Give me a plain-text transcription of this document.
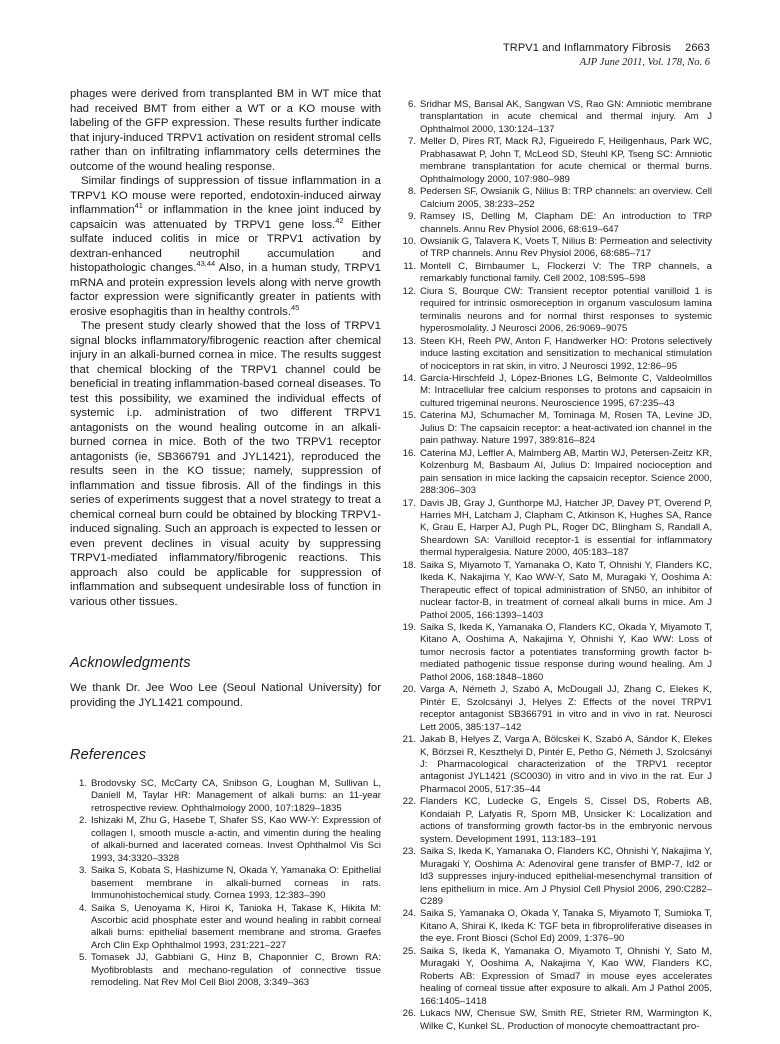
TRPV1 and Inflammatory Fibrosis 2663
AJP June 2011, Vol. 178, No. 6

phages were derived from transplanted BM in WT mice that had received BMT from either a WT or a KO mouse with labeling of the GFP expression. These results further indicate that injury-induced TRPV1 activation on resident stromal cells rather than on infiltrating inflammatory cells determines the outcome of the wound healing response.

Similar findings of suppression of tissue inflammation in a TRPV1 KO mouse were reported, endotoxin-induced airway inflammation$^{41}$ or inflammation in the knee joint induced by capsaicin was attenuated by TRPV1 gene loss.$^{42}$ Either sulfate induced colitis in mice or TRPV1 activation by dextran-enhanced neutrophil accumulation and histopathologic changes.$^{43,44}$ Also, in a human study, TRPV1 mRNA and protein expression levels along with nerve growth factor expression were significantly greater in patients with erosive esophagitis than in healthy controls.$^{45}$

The present study clearly showed that the loss of TRPV1 signal blocks inflammatory/fibrogenic reaction after chemical injury in an alkali-burned cornea in mice. The results suggest that chemical blocking of the TRPV1 channel could be beneficial in treating inflammation-based corneal diseases. To test this possibility, we examined the individual effects of systemic i.p. administration of two different TRPV1 antagonists on the wound healing outcome in an alkali-burned cornea in mice. Both of the two TRPV1 receptor antagonists (ie, SB366791 and JYL1421), reproduced the results seen in the KO tissue; namely, suppression of inflammation and tissue fibrosis. All of the findings in this series of experiments suggest that a novel strategy to treat a chemical corneal burn could be obtained by blocking TRPV1-induced signaling. Such an approach is expected to lessen or even prevent declines in visual acuity by suppressing TRPV1-mediated inflammatory/fibrogenic reactions. This approach also could be applicable for suppression of inflammation and subsequent undesirable loss of function in various other tissues.

Acknowledgments

We thank Dr. Jee Woo Lee (Seoul National University) for providing the JYL1421 compound.

References
1. Brodovsky SC, McCarty CA, Snibson G, Loughan M, Sullivan L, Daniell M, Taylar HR: Management of alkali burns: an 11-year retrospective review. Ophthalmology 2000, 107:1829–1835
2. Ishizaki M, Zhu G, Hasebe T, Shafer SS, Kao WW-Y: Expression of collagen I, smooth muscle a-actin, and vimentin during the healing of alkali-burned and lacerated corneas. Invest Ophthalmol Vis Sci 1993, 34:3320–3328
3. Saika S, Kobata S, Hashizume N, Okada Y, Yamanaka O: Epithelial basement membrane in alkali-burned corneas in rats. Immunohistochemical study. Cornea 1993, 12:383–390
4. Saika S, Uenoyama K, Hiroi K, Tanioka H, Takase K, Hikita M: Ascorbic acid phosphate ester and wound healing in rabbit corneal alkali burns: epithelial basement membrane and stroma. Graefes Arch Clin Exp Ophthalmol 1993, 231:221–227
5. Tomasek JJ, Gabbiani G, Hinz B, Chaponnier C, Brown RA: Myofibroblasts and mechano-regulation of connective tissue remodeling. Nat Rev Mol Cell Biol 2008, 3:349–363
6. Sridhar MS, Bansal AK, Sangwan VS, Rao GN: Amniotic membrane transplantation in acute chemical and thermal injury. Am J Ophthalmol 2000, 130:124–137
7. Meller D, Pires RT, Mack RJ, Figueiredo F, Heiligenhaus, Park WC, Prabhasawat P, John T, McLeod SD, Steuhl KP, Tseng SC: Amniotic membrane transplantation for acute chemical or thermal burns. Ophthalmology 2000, 107:980–989
8. Pedersen SF, Owsianik G, Nilius B: TRP channels: an overview. Cell Calcium 2005, 38:233–252
9. Ramsey IS, Delling M, Clapham DE: An introduction to TRP channels. Annu Rev Physiol 2006, 68:619–647
10. Owsianik G, Talavera K, Voets T, Nilius B: Permeation and selectivity of TRP channels. Annu Rev Physiol 2006, 68:685–717
11. Montell C, Birnbaumer L, Flockerzi V: The TRP channels, a remarkably functional family. Cell 2002, 108:595–598
12. Ciura S, Bourque CW: Transient receptor potential vanilloid 1 is required for intrinsic osmoreception in organum vasculosum lamina terminalis neurons and for normal thirst responses to systemic hyperosmolality. J Neurosci 2006, 26:9069–9075
13. Steen KH, Reeh PW, Anton F, Handwerker HO: Protons selectively induce lasting excitation and sensitization to mechanical stimulation of nociceptors in rat skin, in vitro. J Neurosci 1992, 12:86–95
14. García-Hirschfeld J, López-Briones LG, Belmonte C, Valdeolmillos M: Intracellular free calcium responses to protons and capsaicin in cultured trigeminal neurons. Neuroscience 1995, 67:235–43
15. Caterina MJ, Schumacher M, Tominaga M, Rosen TA, Levine JD, Julius D: The capsaicin receptor: a heat-activated ion channel in the pain pathway. Nature 1997, 389:816–824
16. Caterina MJ, Leffler A, Malmberg AB, Martin WJ, Petersen-Zeitz KR, Kolzenburg M, Basbaum AI, Julius D: Impaired nocioception and pain sensation in mice lacking the capsaicin receptor. Science 2000, 288:306–303
17. Davis JB, Gray J, Gunthorpe MJ, Hatcher JP, Davey PT, Overend P, Harries MH, Latcham J, Clapham C, Atkinson K, Hughes SA, Rance K, Grau E, Harper AJ, Pugh PL, Roger DC, Blingham S, Randall A, Sheardown SA: Vanilloid receptor-1 is essential for inflammatory thermal hyperalgesia. Nature 2000, 405:183–187
18. Saika S, Miyamoto T, Yamanaka O, Kato T, Ohnishi Y, Flanders KC, Ikeda K, Nakajima Y, Kao WW-Y, Sato M, Muragaki Y, Ooshima A: Therapeutic effect of topical administration of SN50, an inhibitor of nuclear factor-B, in treatment of corneal alkali burns in mice. Am J Pathol 2005, 166:1393–1403
19. Saika S, Ikeda K, Yamanaka O, Flanders KC, Okada Y, Miyamoto T, Kitano A, Ooshima A, Nakajima Y, Ohnishi Y, Kao WW: Loss of tumor necrosis factor a potentiates transforming growth factor b-mediated pathogenic tissue response during wound healing. Am J Pathol 2006, 168:1848–1860
20. Varga A, Németh J, Szabó A, McDougall JJ, Zhang C, Elekes K, Pintér E, Szolcsányi J, Helyes Z: Effects of the novel TRPV1 receptor antagonist SB366791 in vitro and in vivo in rat. Neurosci Lett 2005, 385:137–142
21. Jakab B, Helyes Z, Varga A, Bölcskei K, Szabó A, Sándor K, Elekes K, Börzsei R, Keszthelyi D, Pintér E, Petho G, Németh J, Szolcsányi J: Pharmacological characterization of the TRPV1 receptor antagonist JYL1421 (SC0030) in vitro and in vivo in the rat. Eur J Pharmacol 2005, 517:35–44
22. Flanders KC, Ludecke G, Engels S, Cissel DS, Roberts AB, Kondaiah P, Lafyatis R, Sporn MB, Unsicker K: Localization and actions of transforming growth factor-bs in the embryonic nervous system. Development 1991, 113:183–191
23. Saika S, Ikeda K, Yamanaka O, Flanders KC, Ohnishi Y, Nakajima Y, Muragaki Y, Ooshima A: Adenoviral gene transfer of BMP-7, Id2 or Id3 suppresses injury-induced epithelial-mesenchymal transition of lens epithelium in mice. Am J Physiol Cell Physiol 2006, 290:C282–C289
24. Saika S, Yamanaka O, Okada Y, Tanaka S, Miyamoto T, Sumioka T, Kitano A, Shirai K, Ikeda K: TGF beta in fibroproliferative diseases in the eye. Front Biosci (Schol Ed) 2009, 1:376–90
25. Saika S, Ikeda K, Yamanaka O, Miyamoto T, Ohnishi Y, Sato M, Muragaki Y, Ooshima A, Nakajima Y, Kao WW, Flanders KC, Roberts AB: Expression of Smad7 in mouse eyes accelerates healing of corneal tissue after exposure to alkali. Am J Pathol 2005, 166:1405–1418
26. Lukacs NW, Chensue SW, Smith RE, Strieter RM, Warmington K, Wilke C, Kunkel SL. Production of monocyte chemoattractant pro-
